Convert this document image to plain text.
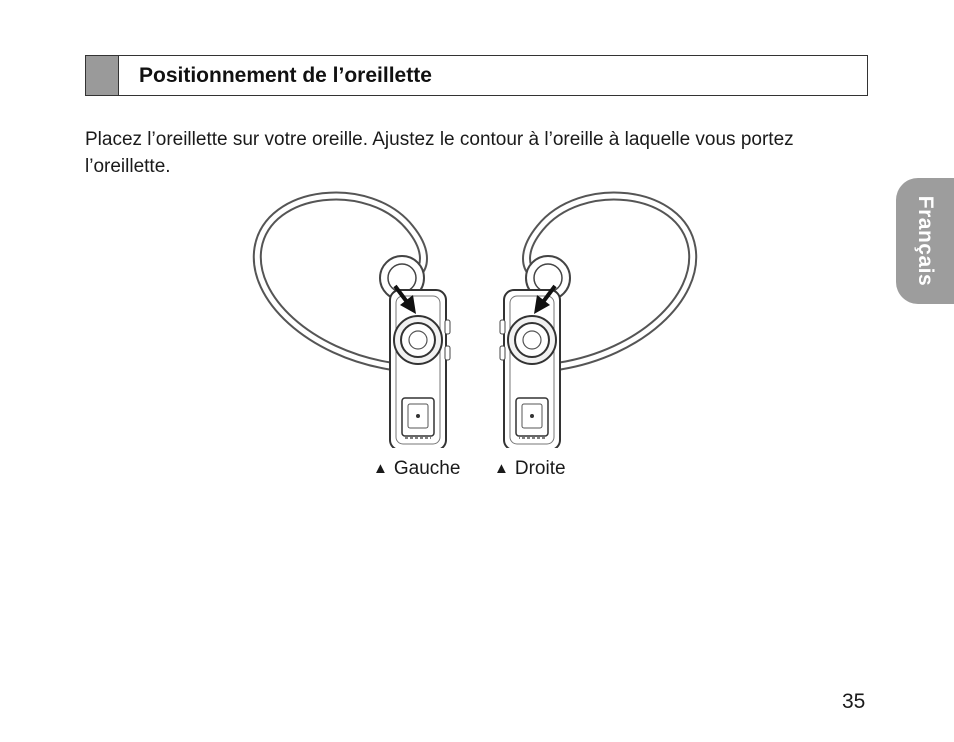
Positionnement de l’oreillette
Placez l’oreillette sur votre oreille. Ajustez le contour à l’oreille à laquelle vous portez l’oreillette.
▲ Gauche ▲ Droite
Français
35
